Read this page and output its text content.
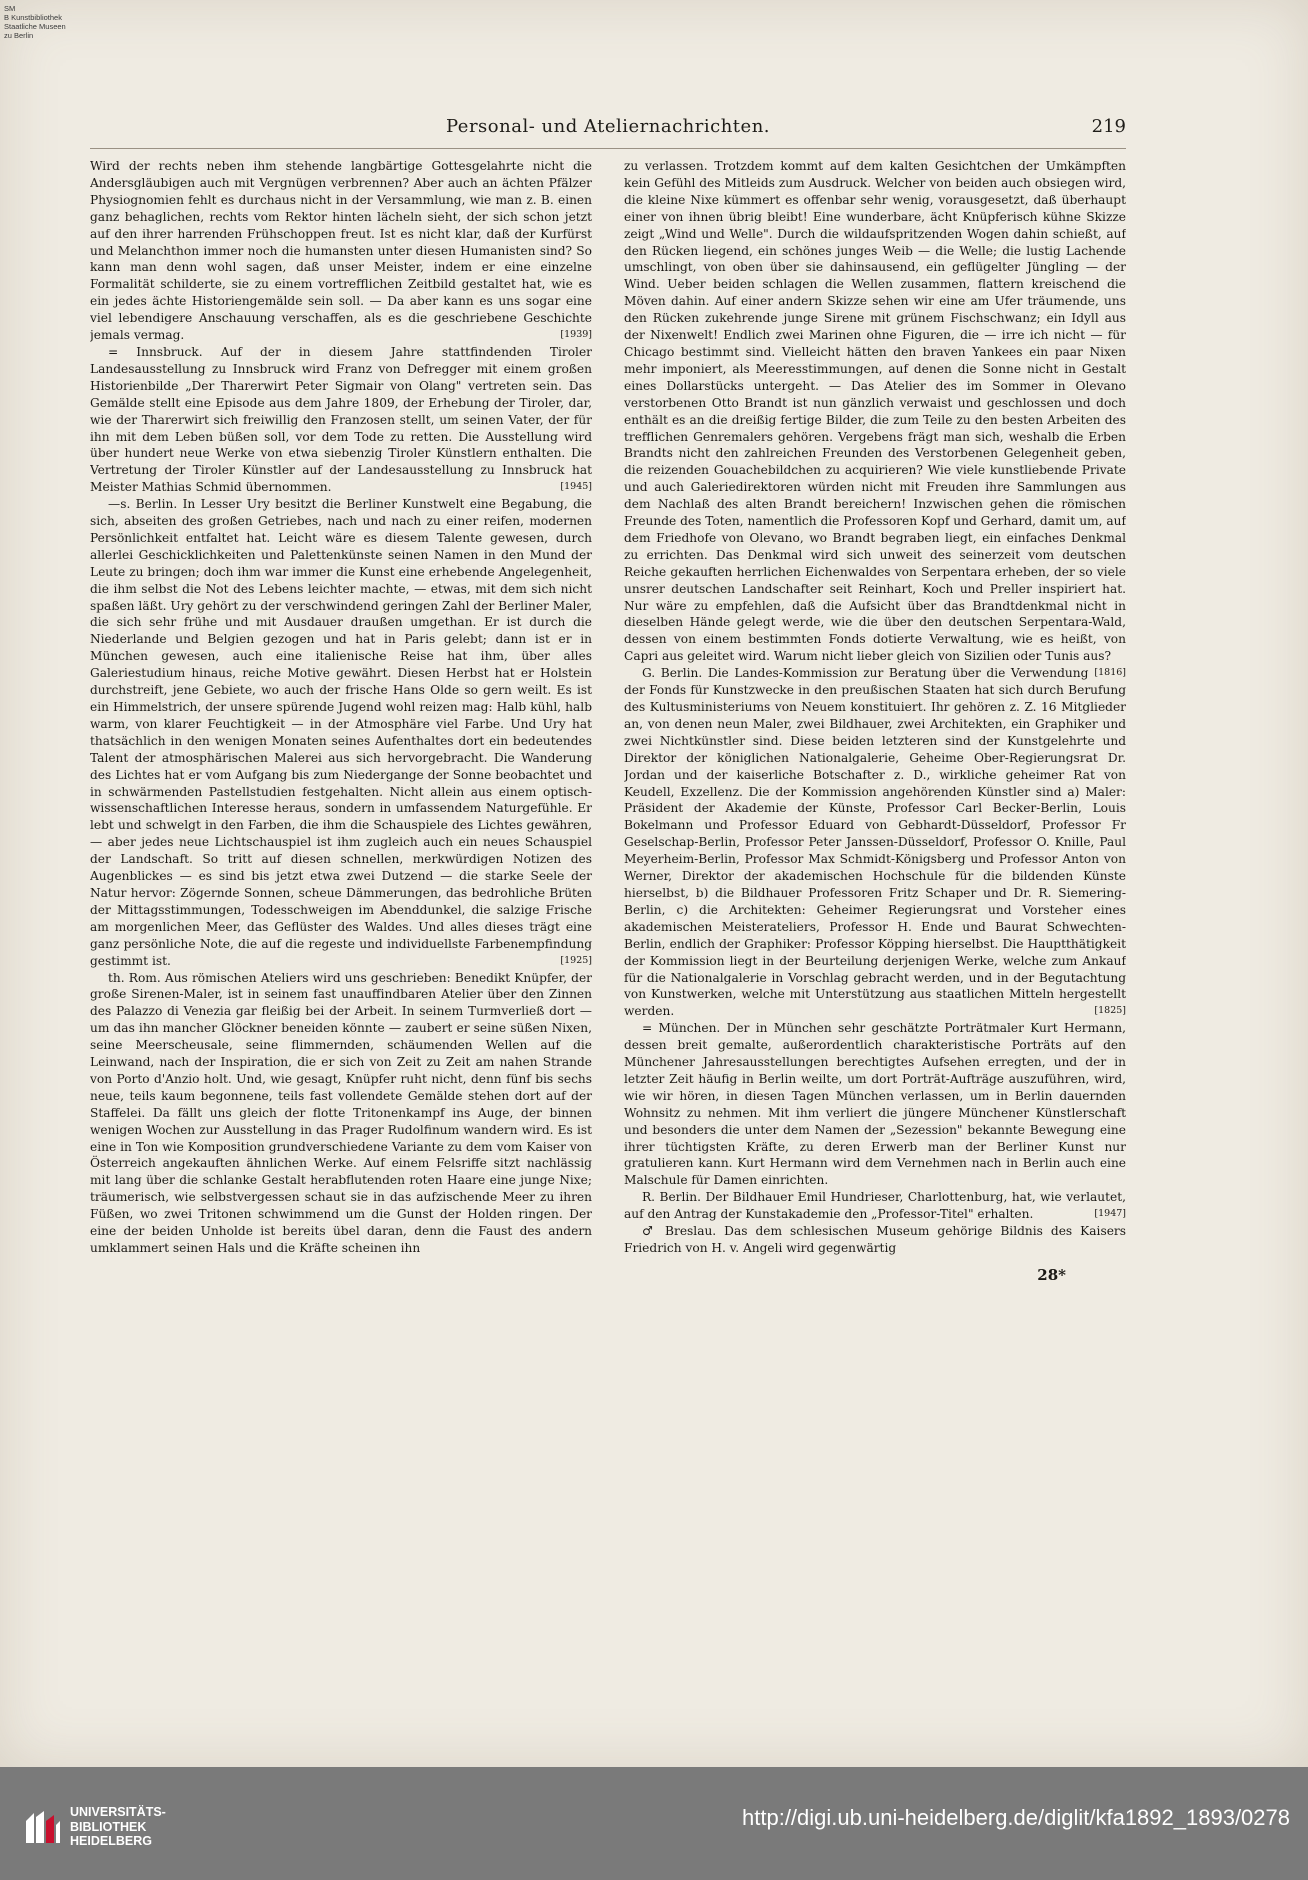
SM
B Kunstbibliothek
Staatliche Museen
zu Berlin
Personal- und Ateliernachrichten.	219

Wird der rechts neben ihm stehende langbärtige Gottesgelahrte nicht die Andersgläubigen auch mit Vergnügen verbrennen? Aber auch an ächten Pfälzer Physiognomien fehlt es durchaus nicht in der Versammlung, wie man z. B. einen ganz behaglichen, rechts vom Rektor hinten lächeln sieht, der sich schon jetzt auf den ihrer harrenden Frühschoppen freut. Ist es nicht klar, daß der Kurfürst und Melanchthon immer noch die humansten unter diesen Humanisten sind? So kann man denn wohl sagen, daß unser Meister, indem er eine einzelne Formalität schilderte, sie zu einem vortrefflichen Zeitbild gestaltet hat, wie es ein jedes ächte Historiengemälde sein soll. — Da aber kann es uns sogar eine viel lebendigere Anschauung verschaffen, als es die geschriebene Geschichte jemals vermag.	[1939]

= Innsbruck. Auf der in diesem Jahre stattfindenden Tiroler Landesausstellung zu Innsbruck wird Franz von Defregger mit einem großen Historienbilde „Der Tharerwirt Peter Sigmair von Olang" vertreten sein. Das Gemälde stellt eine Episode aus dem Jahre 1809, der Erhebung der Tiroler, dar, wie der Tharerwirt sich freiwillig den Franzosen stellt, um seinen Vater, der für ihn mit dem Leben büßen soll, vor dem Tode zu retten. Die Ausstellung wird über hundert neue Werke von etwa siebenzig Tiroler Künstlern enthalten. Die Vertretung der Tiroler Künstler auf der Landesausstellung zu Innsbruck hat Meister Mathias Schmid übernommen.	[1945]

—s. Berlin. In Lesser Ury besitzt die Berliner Kunstwelt eine Begabung, die sich, abseiten des großen Getriebes, nach und nach zu einer reifen, modernen Persönlichkeit entfaltet hat. Leicht wäre es diesem Talente gewesen, durch allerlei Geschicklichkeiten und Palettenkünste seinen Namen in den Mund der Leute zu bringen; doch ihm war immer die Kunst eine erhebende Angelegenheit, die ihm selbst die Not des Lebens leichter machte, — etwas, mit dem sich nicht spaßen läßt. Ury gehört zu der verschwindend geringen Zahl der Berliner Maler, die sich sehr frühe und mit Ausdauer draußen umgethan. Er ist durch die Niederlande und Belgien gezogen und hat in Paris gelebt; dann ist er in München gewesen, auch eine italienische Reise hat ihm, über alles Galeriestudium hinaus, reiche Motive gewährt. Diesen Herbst hat er Holstein durchstreift, jene Gebiete, wo auch der frische Hans Olde so gern weilt. Es ist ein Himmelstrich, der unsere spürende Jugend wohl reizen mag: Halb kühl, halb warm, von klarer Feuchtigkeit — in der Atmosphäre viel Farbe. Und Ury hat thatsächlich in den wenigen Monaten seines Aufenthaltes dort ein bedeutendes Talent der atmosphärischen Malerei aus sich hervorgebracht. Die Wanderung des Lichtes hat er vom Aufgang bis zum Niedergange der Sonne beobachtet und in schwärmenden Pastellstudien festgehalten. Nicht allein aus einem optisch-wissenschaftlichen Interesse heraus, sondern in umfassendem Naturgefühle. Er lebt und schwelgt in den Farben, die ihm die Schauspiele des Lichtes gewähren, — aber jedes neue Lichtschauspiel ist ihm zugleich auch ein neues Schauspiel der Landschaft. So tritt auf diesen schnellen, merkwürdigen Notizen des Augenblickes — es sind bis jetzt etwa zwei Dutzend — die starke Seele der Natur hervor: Zögernde Sonnen, scheue Dämmerungen, das bedrohliche Brüten der Mittagsstimmungen, Todesschweigen im Abenddunkel, die salzige Frische am morgenlichen Meer, das Geflüster des Waldes. Und alles dieses trägt eine ganz persönliche Note, die auf die regeste und individuellste Farbenempfindung gestimmt ist.	[1925]

th. Rom. Aus römischen Ateliers wird uns geschrieben: Benedikt Knüpfer, der große Sirenen-Maler, ist in seinem fast unauffindbaren Atelier über den Zinnen des Palazzo di Venezia gar fleißig bei der Arbeit. In seinem Turmverließ dort — um das ihn mancher Glöckner beneiden könnte — zaubert er seine süßen Nixen, seine Meerscheusale, seine flimmernden, schäumenden Wellen auf die Leinwand, nach der Inspiration, die er sich von Zeit zu Zeit am nahen Strande von Porto d'Anzio holt. Und, wie gesagt, Knüpfer ruht nicht, denn fünf bis sechs neue, teils kaum begonnene, teils fast vollendete Gemälde stehen dort auf der Staffelei. Da fällt uns gleich der flotte Tritonenkampf ins Auge, der binnen wenigen Wochen zur Ausstellung in das Prager Rudolfinum wandern wird. Es ist eine in Ton wie Komposition grundverschiedene Variante zu dem vom Kaiser von Österreich angekauften ähnlichen Werke. Auf einem Felsriffe sitzt nachlässig mit lang über die schlanke Gestalt herabflutenden roten Haare eine junge Nixe; träumerisch, wie selbstvergessen schaut sie in das aufzischende Meer zu ihren Füßen, wo zwei Tritonen schwimmend um die Gunst der Holden ringen. Der eine der beiden Unholde ist bereits übel daran, denn die Faust des andern umklammert seinen Hals und die Kräfte scheinen ihn

zu verlassen. Trotzdem kommt auf dem kalten Gesichtchen der Umkämpften kein Gefühl des Mitleids zum Ausdruck. Welcher von beiden auch obsiegen wird, die kleine Nixe kümmert es offenbar sehr wenig, vorausgesetzt, daß überhaupt einer von ihnen übrig bleibt! Eine wunderbare, ächt Knüpferisch kühne Skizze zeigt „Wind und Welle". Durch die wildaufspritzenden Wogen dahin schießt, auf den Rücken liegend, ein schönes junges Weib — die Welle; die lustig Lachende umschlingt, von oben über sie dahinsausend, ein geflügelter Jüngling — der Wind. Ueber beiden schlagen die Wellen zusammen, flattern kreischend die Möven dahin. Auf einer andern Skizze sehen wir eine am Ufer träumende, uns den Rücken zukehrende junge Sirene mit grünem Fischschwanz; ein Idyll aus der Nixenwelt! Endlich zwei Marinen ohne Figuren, die — irre ich nicht — für Chicago bestimmt sind. Vielleicht hätten den braven Yankees ein paar Nixen mehr imponiert, als Meeresstimmungen, auf denen die Sonne nicht in Gestalt eines Dollarstücks untergeht. — Das Atelier des im Sommer in Olevano verstorbenen Otto Brandt ist nun gänzlich verwaist und geschlossen und doch enthält es an die dreißig fertige Bilder, die zum Teile zu den besten Arbeiten des trefflichen Genremalers gehören. Vergebens frägt man sich, weshalb die Erben Brandts nicht den zahlreichen Freunden des Verstorbenen Gelegenheit geben, die reizenden Gouachebildchen zu acquirieren? Wie viele kunstliebende Private und auch Galeriedirektoren würden nicht mit Freuden ihre Sammlungen aus dem Nachlaß des alten Brandt bereichern! Inzwischen gehen die römischen Freunde des Toten, namentlich die Professoren Kopf und Gerhard, damit um, auf dem Friedhofe von Olevano, wo Brandt begraben liegt, ein einfaches Denkmal zu errichten. Das Denkmal wird sich unweit des seinerzeit vom deutschen Reiche gekauften herrlichen Eichenwaldes von Serpentara erheben, der so viele unsrer deutschen Landschafter seit Reinhart, Koch und Preller inspiriert hat. Nur wäre zu empfehlen, daß die Aufsicht über das Brandtdenkmal nicht in dieselben Hände gelegt werde, wie die über den deutschen Serpentara-Wald, dessen von einem bestimmten Fonds dotierte Verwaltung, wie es heißt, von Capri aus geleitet wird. Warum nicht lieber gleich von Sizilien oder Tunis aus?
[1816]

G. Berlin. Die Landes-Kommission zur Beratung über die Verwendung der Fonds für Kunstzwecke in den preußischen Staaten hat sich durch Berufung des Kultusministeriums von Neuem konstituiert. Ihr gehören z. Z. 16 Mitglieder an, von denen neun Maler, zwei Bildhauer, zwei Architekten, ein Graphiker und zwei Nichtkünstler sind. Diese beiden letzteren sind der Kunstgelehrte und Direktor der königlichen Nationalgalerie, Geheime Ober-Regierungsrat Dr. Jordan und der kaiserliche Botschafter z. D., wirkliche geheimer Rat von Keudell, Exzellenz. Die der Kommission angehörenden Künstler sind a) Maler: Präsident der Akademie der Künste, Professor Carl Becker-Berlin, Louis Bokelmann und Professor Eduard von Gebhardt-Düsseldorf, Professor Fr Geselschap-Berlin, Professor Peter Janssen-Düsseldorf, Professor O. Knille, Paul Meyerheim-Berlin, Professor Max Schmidt-Königsberg und Professor Anton von Werner, Direktor der akademischen Hochschule für die bildenden Künste hierselbst, b) die Bildhauer Professoren Fritz Schaper und Dr. R. Siemering-Berlin, c) die Architekten: Geheimer Regierungsrat und Vorsteher eines akademischen Meisterateliers, Professor H. Ende und Baurat Schwechten-Berlin, endlich der Graphiker: Professor Köpping hierselbst. Die Hauptthätigkeit der Kommission liegt in der Beurteilung derjenigen Werke, welche zum Ankauf für die Nationalgalerie in Vorschlag gebracht werden, und in der Begutachtung von Kunstwerken, welche mit Unterstützung aus staatlichen Mitteln hergestellt werden.	[1825]

= München. Der in München sehr geschätzte Porträtmaler Kurt Hermann, dessen breit gemalte, außerordentlich charakteristische Porträts auf den Münchener Jahresausstellungen berechtigtes Aufsehen erregten, und der in letzter Zeit häufig in Berlin weilte, um dort Porträt-Aufträge auszuführen, wird, wie wir hören, in diesen Tagen München verlassen, um in Berlin dauernden Wohnsitz zu nehmen. Mit ihm verliert die jüngere Münchener Künstlerschaft und besonders die unter dem Namen der „Sezession" bekannte Bewegung eine ihrer tüchtigsten Kräfte, zu deren Erwerb man der Berliner Kunst nur gratulieren kann. Kurt Hermann wird dem Vernehmen nach in Berlin auch eine Malschule für Damen einrichten.

R. Berlin. Der Bildhauer Emil Hundrieser, Charlottenburg, hat, wie verlautet, auf den Antrag der Kunstakademie den „Professor-Titel" erhalten.	[1947]

♂ Breslau. Das dem schlesischen Museum gehörige Bildnis des Kaisers Friedrich von H. v. Angeli wird gegenwärtig

28*
UNIVERSITÄTS-
BIBLIOTHEK
HEIDELBERG
http://digi.ub.uni-heidelberg.de/diglit/kfa1892_1893/0278
